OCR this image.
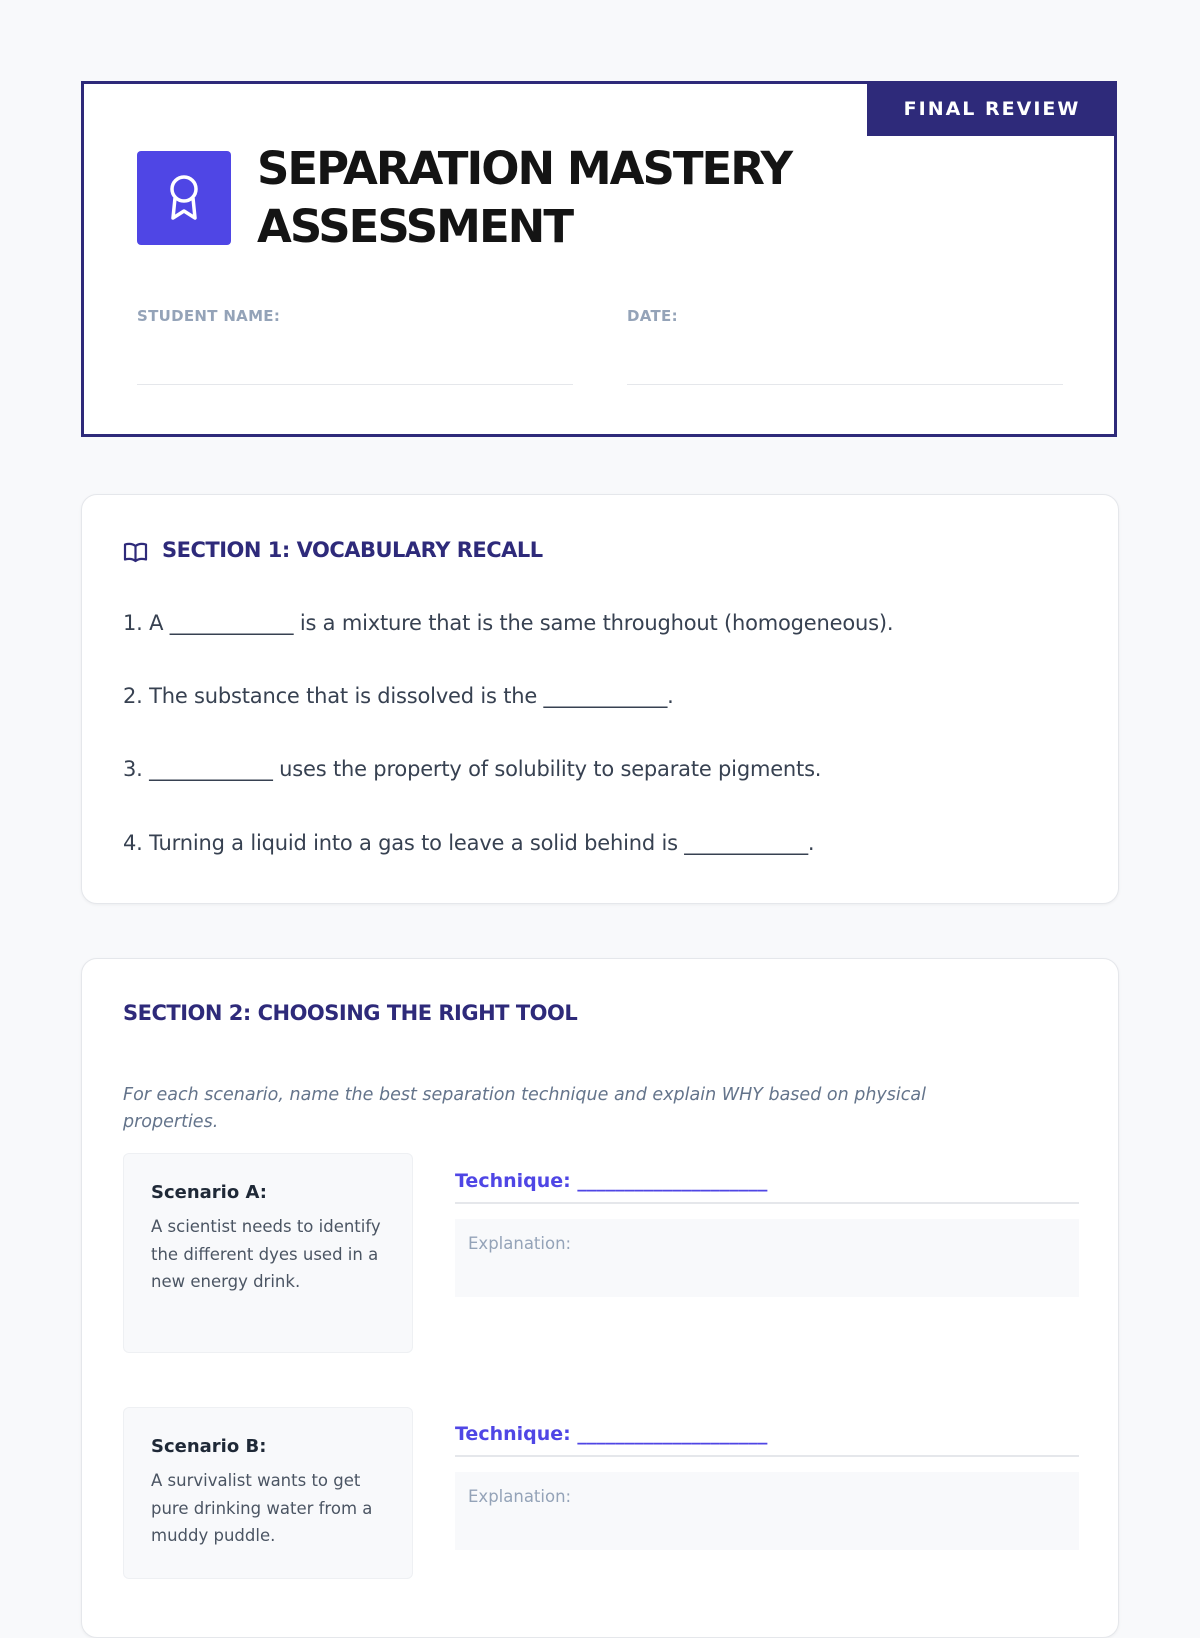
FINAL REVIEW
SEPARATION MASTERY ASSESSMENT
STUDENT NAME:	DATE:
SECTION 1: VOCABULARY RECALL

1. A ____________ is a mixture that is the same throughout (homogeneous).

2. The substance that is dissolved is the ____________.

3. ____________ uses the property of solubility to separate pigments.

4. Turning a liquid into a gas to leave a solid behind is ____________.

SECTION 2: CHOOSING THE RIGHT TOOL

For each scenario, name the best separation technique and explain WHY based on physical properties.

Scenario A:

A scientist needs to identify the different dyes used in a new energy drink.

Technique: ____________________
Explanation:

Scenario B:

A survivalist wants to get pure drinking water from a muddy puddle.

Technique: ____________________
Explanation:
